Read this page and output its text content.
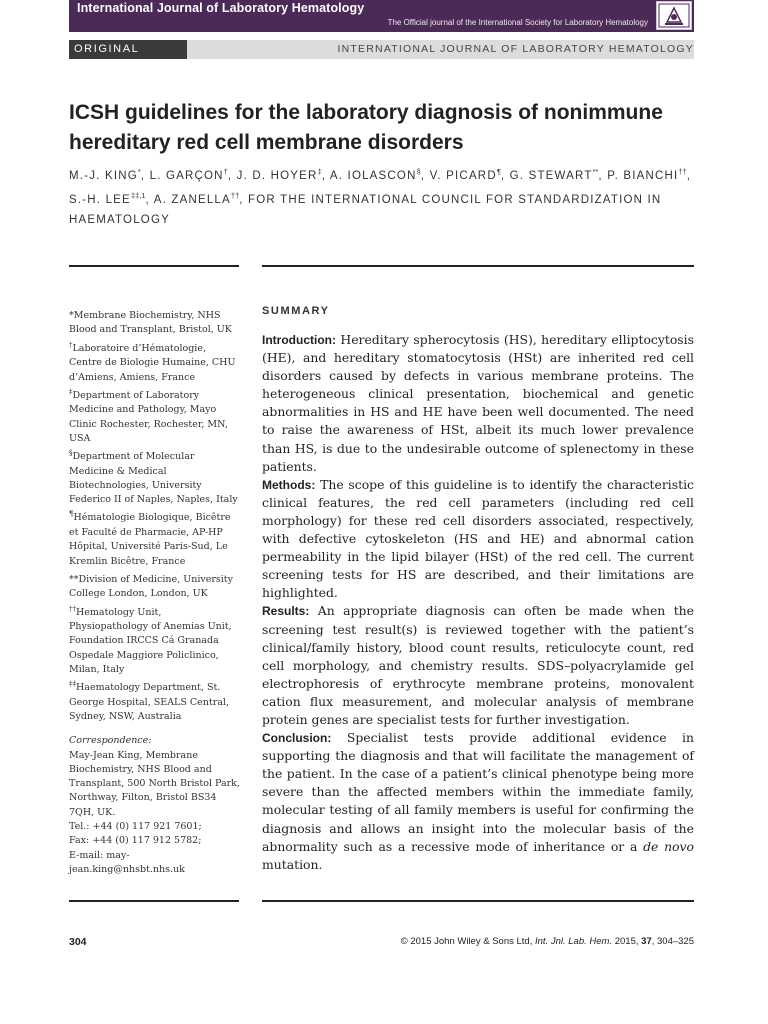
International Journal of Laboratory Hematology
The Official journal of the International Society for Laboratory Hematology
ORIGINAL ARTICLE
INTERNATIONAL JOURNAL OF LABORATORY HEMATOLOGY
ICSH guidelines for the laboratory diagnosis of nonimmune hereditary red cell membrane disorders
M.-J. KING*, L. GARÇON†, J. D. HOYER‡, A. IOLASCON§, V. PICARD¶, G. STEWART**, P. BIANCHI††, S.-H. $LEE^{\ddagger\ddagger,1}$, A. ZANELLA††, FOR THE INTERNATIONAL COUNCIL FOR STANDARDIZATION IN HAEMATOLOGY
*Membrane Biochemistry, NHS Blood and Transplant, Bristol, UK
†Laboratoire d’Hématologie, Centre de Biologie Humaine, CHU d’Amiens, Amiens, France
‡Department of Laboratory Medicine and Pathology, Mayo Clinic Rochester, Rochester, MN, USA
§Department of Molecular Medicine & Medical Biotechnologies, University Federico II of Naples, Naples, Italy
¶Hématologie Biologique, Bicêtre et Faculté de Pharmacie, AP-HP Hôpital, Université Paris-Sud, Le Kremlin Bicêtre, France
**Division of Medicine, University College London, London, UK
††Hematology Unit, Physiopathology of Anemias Unit, Foundation IRCCS Cá Granada Ospedale Maggiore Policlinico, Milan, Italy
‡‡Haematology Department, St. George Hospital, SEALS Central, Sydney, NSW, Australia
Correspondence:
May-Jean King, Membrane Biochemistry, NHS Blood and Transplant, 500 North Bristol Park, Northway, Filton, Bristol BS34 7QH, UK.
Tel.: +44 (0) 117 921 7601;
Fax: +44 (0) 117 912 5782;
E-mail: may-jean.king@nhsbt.nhs.uk
SUMMARY

Introduction: Hereditary spherocytosis (HS), hereditary elliptocytosis (HE), and hereditary stomatocytosis (HSt) are inherited red cell disorders caused by defects in various membrane proteins. The heterogeneous clinical presentation, biochemical and genetic abnormalities in HS and HE have been well documented. The need to raise the awareness of HSt, albeit its much lower prevalence than HS, is due to the undesirable outcome of splenectomy in these patients.

Methods: The scope of this guideline is to identify the characteristic clinical features, the red cell parameters (including red cell morphology) for these red cell disorders associated, respectively, with defective cytoskeleton (HS and HE) and abnormal cation permeability in the lipid bilayer (HSt) of the red cell. The current screening tests for HS are described, and their limitations are highlighted.

Results: An appropriate diagnosis can often be made when the screening test result(s) is reviewed together with the patient’s clinical/family history, blood count results, reticulocyte count, red cell morphology, and chemistry results. SDS–polyacrylamide gel electrophoresis of erythrocyte membrane proteins, monovalent cation flux measurement, and molecular analysis of membrane protein genes are specialist tests for further investigation.

Conclusion: Specialist tests provide additional evidence in supporting the diagnosis and that will facilitate the management of the patient. In the case of a patient’s clinical phenotype being more severe than the affected members within the immediate family, molecular testing of all family members is useful for confirming the diagnosis and allows an insight into the molecular basis of the abnormality such as a recessive mode of inheritance or a de novo mutation.

304	© 2015 John Wiley & Sons Ltd, Int. Jnl. Lab. Hem. 2015, 37, 304–325
